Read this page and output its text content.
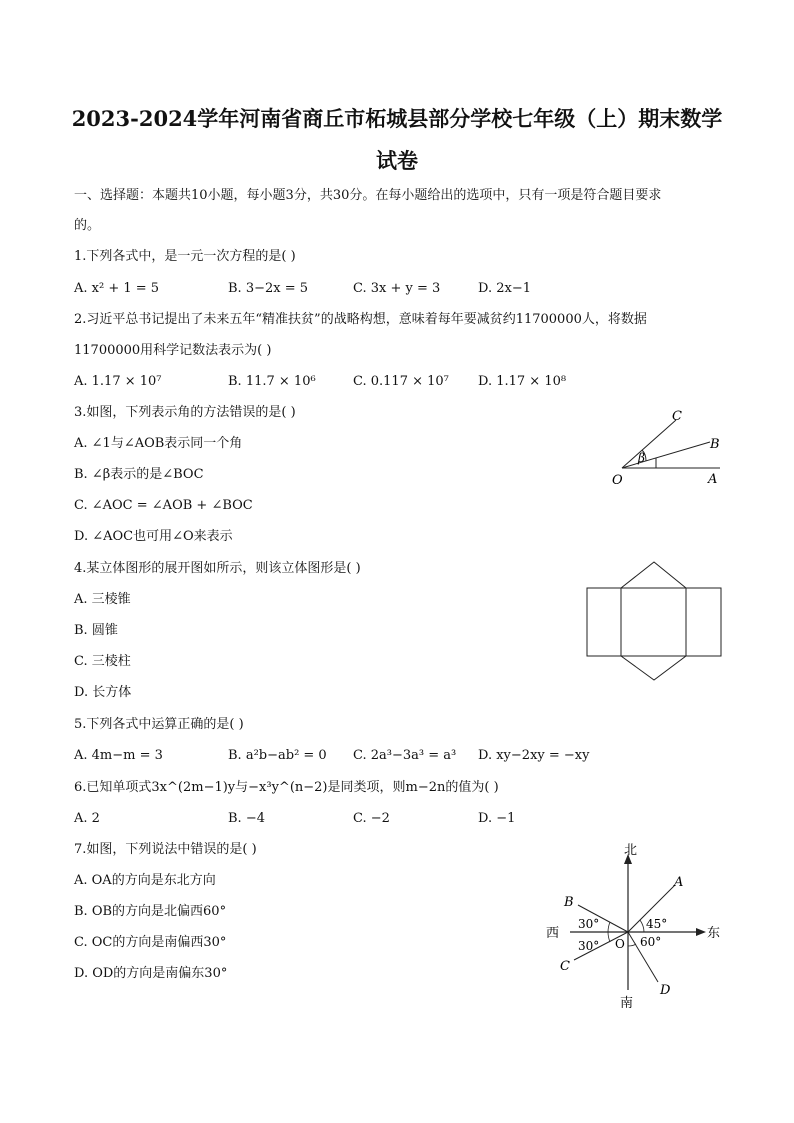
2023-2024学年河南省商丘市柘城县部分学校七年级（上）期末数学
试卷
一、选择题：本题共10小题，每小题3分，共30分。在每小题给出的选项中，只有一项是符合题目要求
的。
1.下列各式中，是一元一次方程的是( )
A. x² + 1 = 5	B. 3−2x = 5	C. 3x + y = 3	D. 2x−1
2.习近平总书记提出了未来五年“精准扶贫”的战略构想，意味着每年要减贫约11700000人，将数据
11700000用科学记数法表示为( )
A. 1.17 × 10⁷	B. 11.7 × 10⁶	C. 0.117 × 10⁷ D. 1.17 × 10⁸
3.如图，下列表示角的方法错误的是( )
A. ∠1与∠AOB表示同一个角
B. ∠β表示的是∠BOC
C. ∠AOC = ∠AOB + ∠BOC
D. ∠AOC也可用∠O来表示
O	A
B
C
β
4.某立体图形的展开图如所示，则该立体图形是( )
A. 三棱锥
B. 圆锥
C. 三棱柱
D. 长方体
5.下列各式中运算正确的是( )
A. 4m−m = 3	B. a²b−ab² = 0 C. 2a³−3a³ = a³ D. xy−2xy = −xy
6.已知单项式3x^(2m−1)y与−x³y^(n−2)是同类项，则m−2n的值为( )
A. 2	B. −4	C. −2	D. −1
7.如图，下列说法中错误的是( )
A. OA的方向是东北方向
B. OB的方向是北偏西60°
C. OC的方向是南偏西30°
D. OD的方向是南偏东30°
北
南
东
西
O
A
B
C
D
30°
30°
45°
60°
